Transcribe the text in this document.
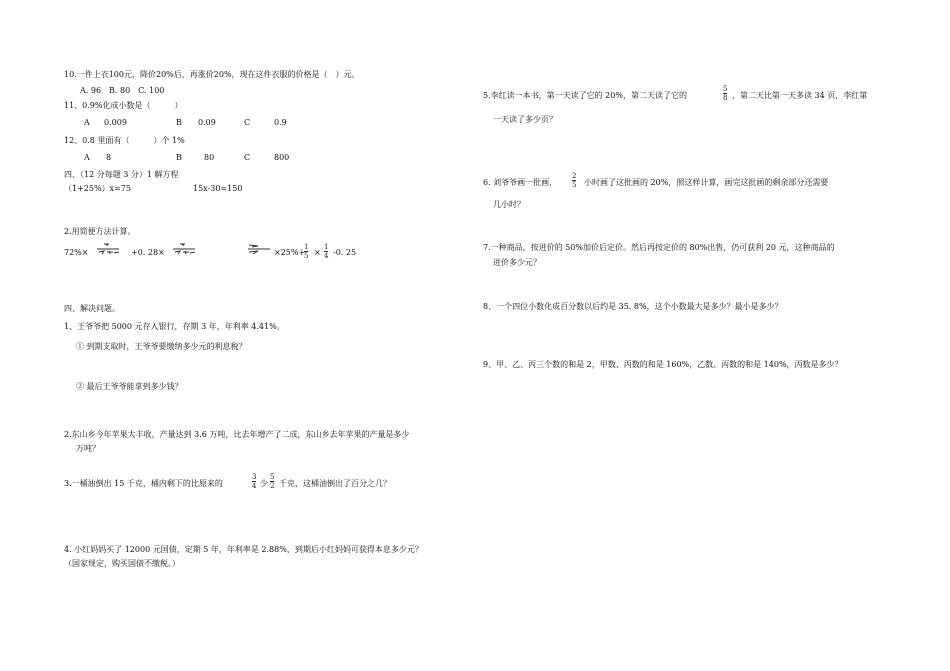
10.一件上衣100元，降价20%后，再涨价20%，现在这件衣服的价格是（　）元。
A. 96　B. 80　C. 100
11、0.9%化成小数是（　　　）
A 0.009	B 0.09	C	0.9
12、0.8 里面有（　　　）个 1%
A 8	B	80	C	800
四、（12 分每题 3 分）1 解方程
（1+25%）x=75	15x-30=150
2.用简便方法计算。
72%×	+0. 28×	×25%+
$\frac{1}{5} \times \frac{1}{4} -0$. 25
四、解决问题。
1、王爷爷把 5000 元存入银行，存期 3 年，年利率 4.41%。
① 到期支取时，王爷爷要缴纳多少元的利息税？
② 最后王爷爷能拿到多少钱？
2.东山乡今年苹果大丰收，产量达到 3.6 万吨，比去年增产了二成，东山乡去年苹果的产量是多少
万吨？
3.一桶油倒出 15 千克，桶内剩下的比原来的	$\frac{3}{4}$ 少 $\frac{5}{2}$ 千克，这桶油倒出了百分之几？
4. 小红妈妈买了 12000 元国债，定期 5 年，年利率是 2.88%，到期后小红妈妈可获得本息多少元？
（国家规定，购买国债不缴税。）
5.李红读一本书，第一天读了它的 20%，第二天读了它的	$\frac{5}{8}$ ，第二天比第一天多读 34 页，李红第
一天读了多少页？
6. 刘爷爷画一批画， $\frac{2}{5}$ 小时画了这批画的 20%，照这样计算，画完这批画的剩余部分还需要
几小时？
7.一种商品，按进价的 50%加价后定价。然后再按定价的 80%出售，仍可获利 20 元，这种商品的
进价多少元？
8、一个四位小数化成百分数以后约是 35. 8%，这个小数最大是多少？最小是多少？
9、甲、乙、丙三个数的和是 2，甲数、丙数的和是 160%，乙数、丙数的和是 140%，丙数是多少？
